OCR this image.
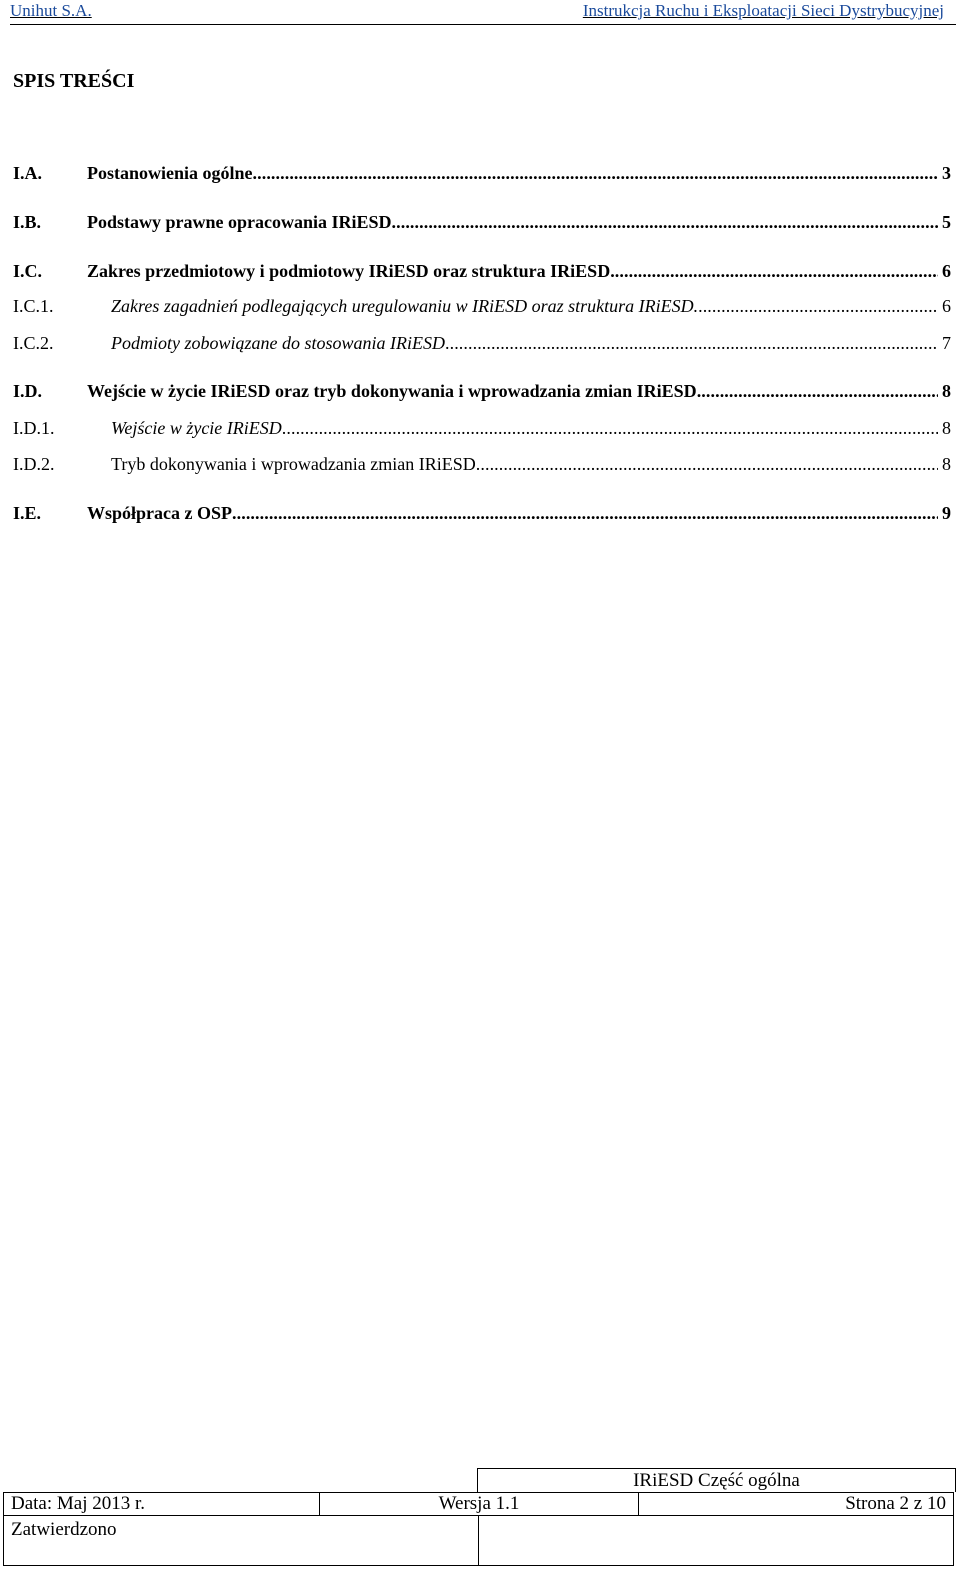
Unihut S.A.	Instrukcja Ruchu i Eksploatacji Sieci Dystrybucyjnej
SPIS TREŚCI
I.A.	Postanowienia ogólne . . .	3
I.B.	Podstawy prawne opracowania IRiESD . . .	5
I.C.	Zakres przedmiotowy i podmiotowy IRiESD oraz struktura IRiESD . . .	6
I.C.1.	Zakres zagadnień podlegających uregulowaniu w IRiESD oraz struktura IRiESD. . . .	6
I.C.2.	Podmioty zobowiązane do stosowania IRiESD . . .	7
I.D.	Wejście w życie IRiESD oraz tryb dokonywania i wprowadzania zmian IRiESD . . .	8
I.D.1.	Wejście w życie IRiESD . . .	8
I.D.2.	Tryb dokonywania i wprowadzania zmian IRiESD . . .	8
I.E.	Współpraca z OSP . . .	9
IRiESD Część ogólna
Data: Maj 2013 r.	Wersja 1.1	Strona 2 z 10
Zatwierdzono
